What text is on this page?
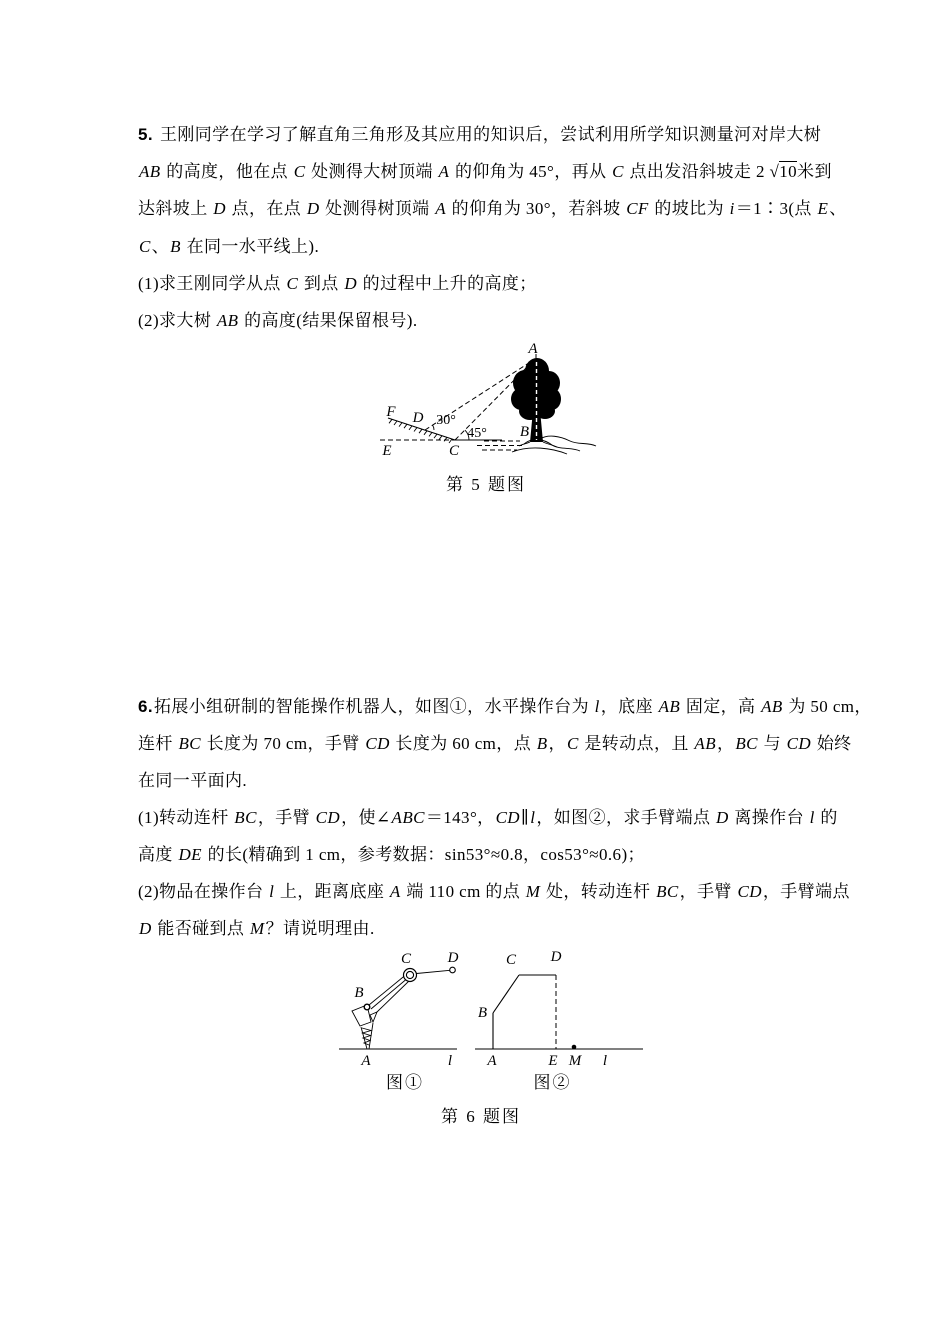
5. 王刚同学在学习了解直角三角形及其应用的知识后，尝试利用所学知识测量河对岸大树
AB 的高度，他在点 C 处测得大树顶端 A 的仰角为 45°，再从 C 点出发沿斜坡走 2 √10米到
达斜坡上 D 点，在点 D 处测得树顶端 A 的仰角为 30°，若斜坡 CF 的坡比为 i＝1∶3(点 E、
C、B 在同一水平线上).
(1)求王刚同学从点 C 到点 D 的过程中上升的高度；
(2)求大树 AB 的高度(结果保留根号).
A
B
C
D
E
F
30°
45°
第 5 题图
6.拓展小组研制的智能操作机器人，如图①，水平操作台为 l，底座 AB 固定，高 AB 为 50 cm，
连杆 BC 长度为 70 cm，手臂 CD 长度为 60 cm，点 B，C 是转动点，且 AB，BC 与 CD 始终
在同一平面内.
(1)转动连杆 BC，手臂 CD，使∠ABC＝143°，CD∥l，如图②，求手臂端点 D 离操作台 l 的
高度 DE 的长(精确到 1 cm，参考数据：sin53°≈0.8，cos53°≈0.6)；
(2)物品在操作台 l 上，距离底座 A 端 110 cm 的点 M 处，转动连杆 BC，手臂 CD，手臂端点
D 能否碰到点 M？请说明理由.
B
C D
A	l A
B
C D
E M l
图①	图②
第 6 题图
